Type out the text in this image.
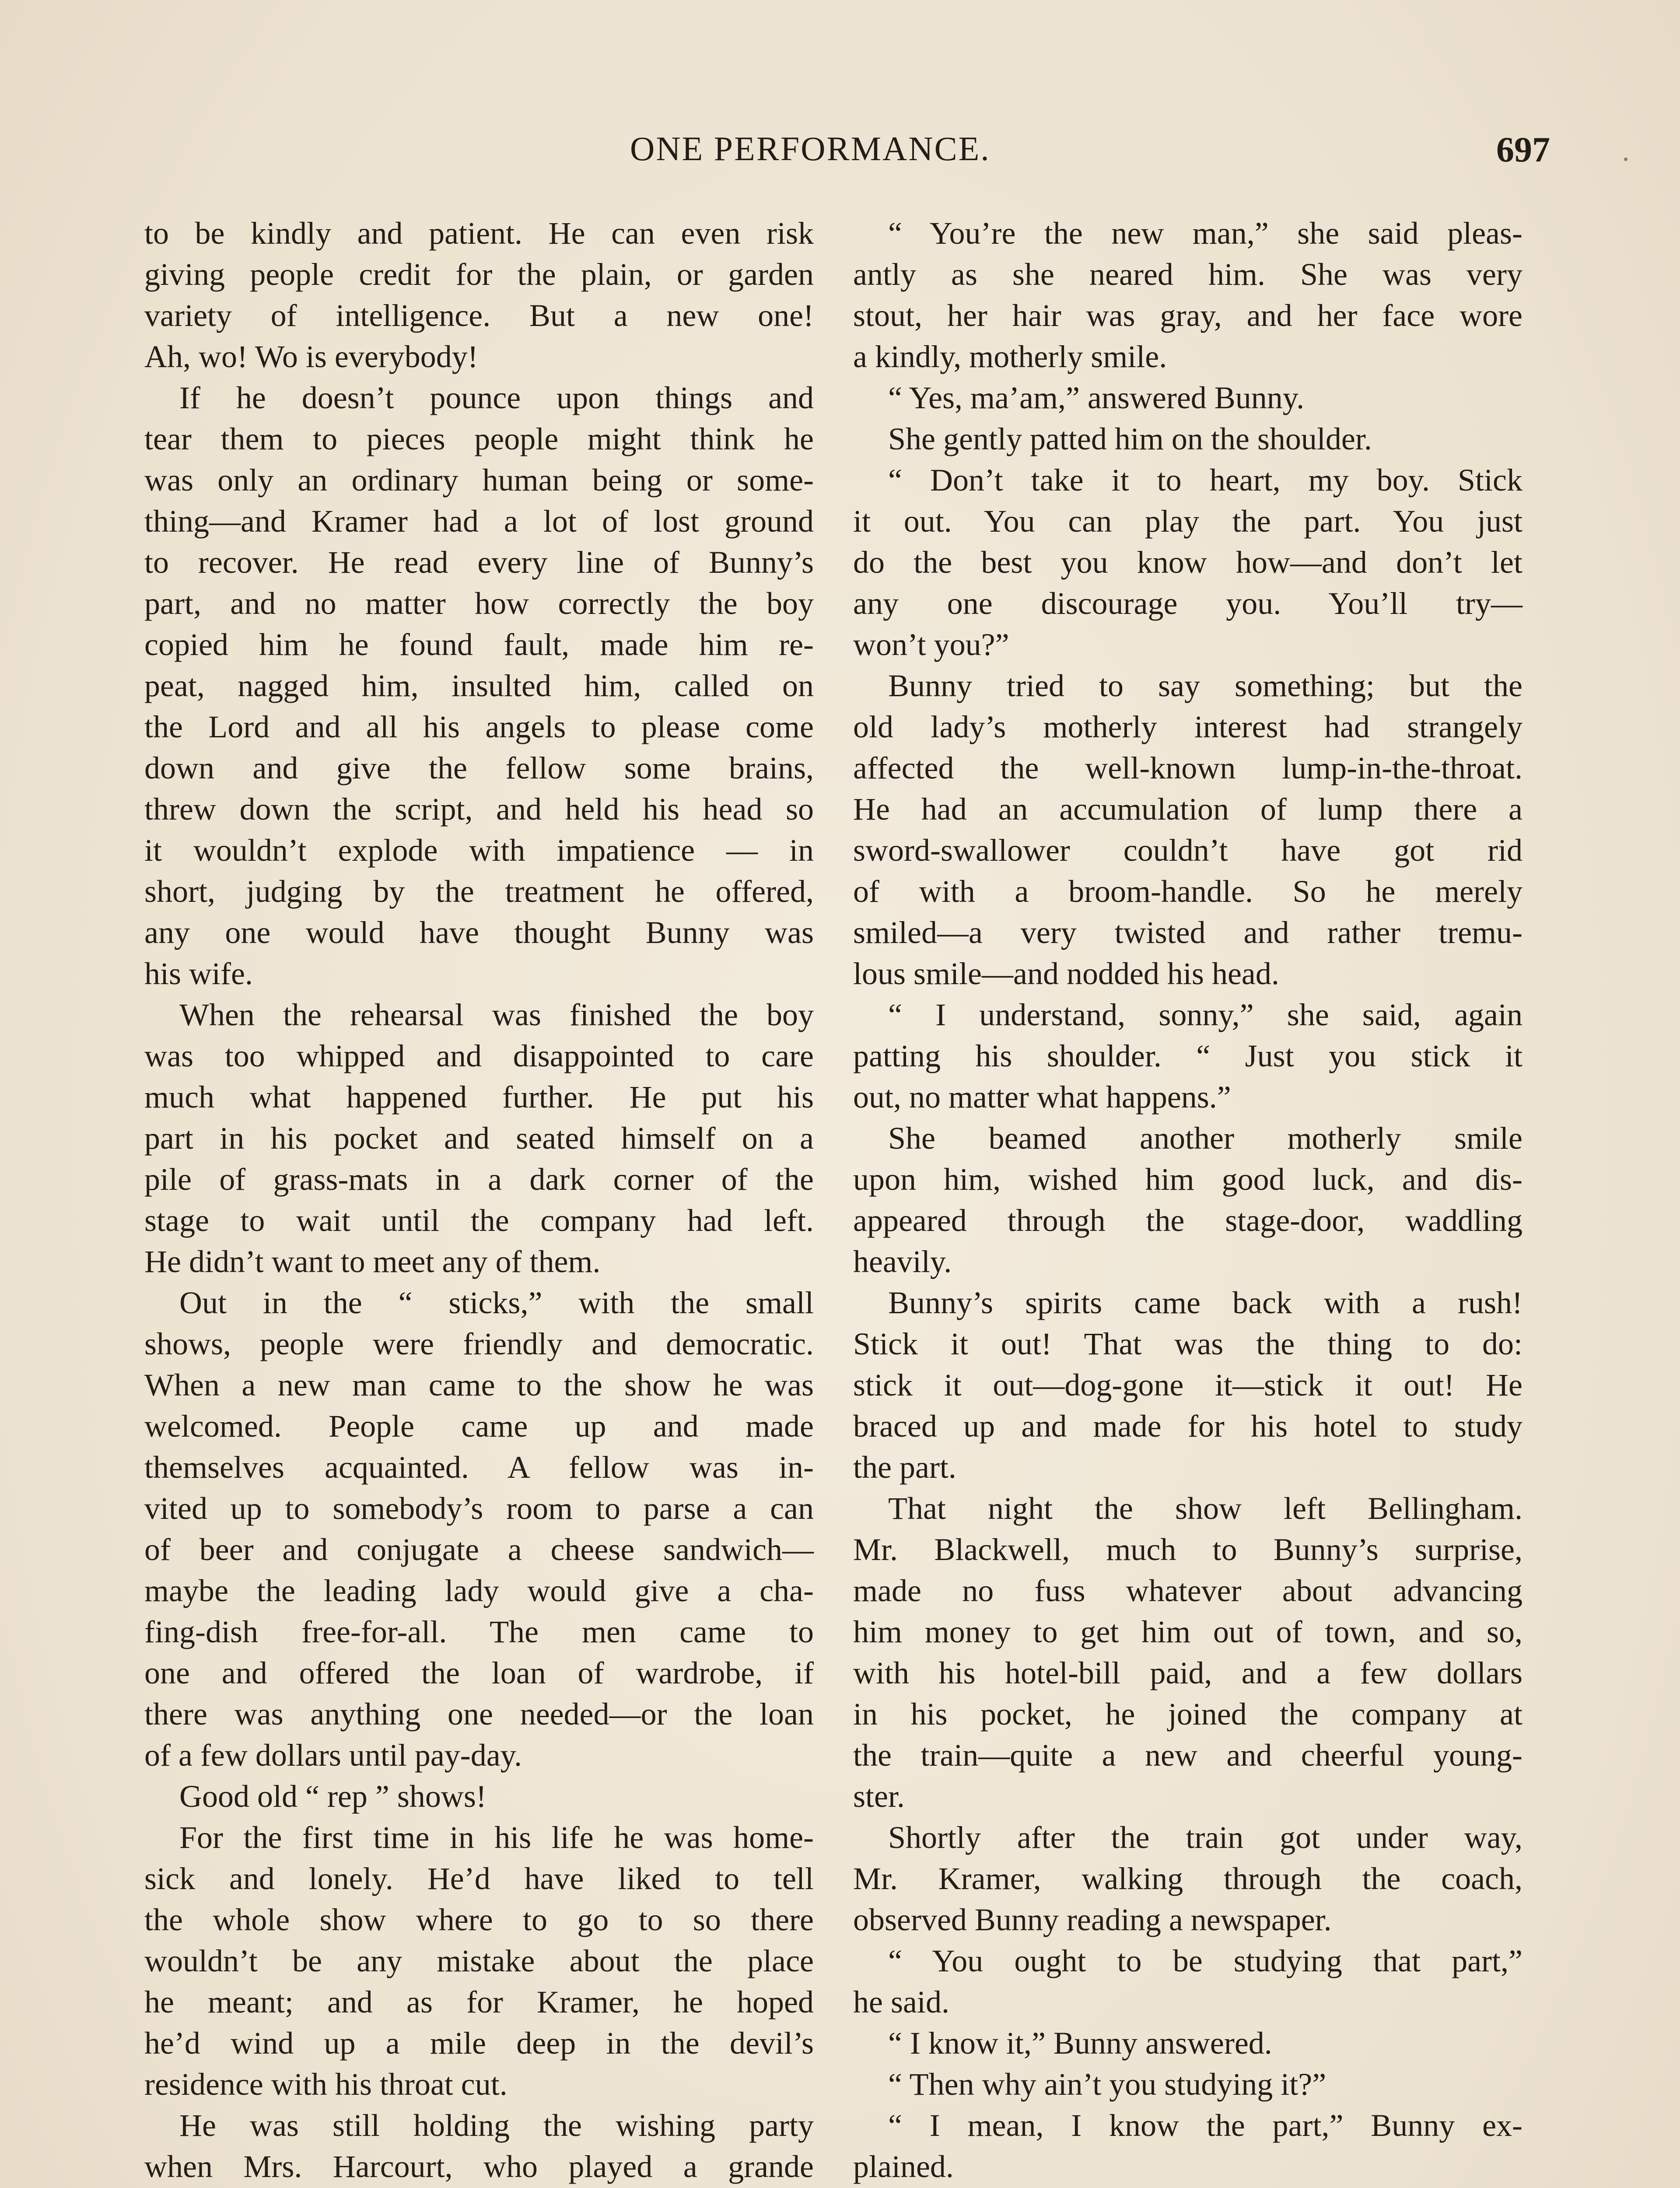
ONE PERFORMANCE.	697
to be kindly and patient. He can even risk
giving people credit for the plain, or garden
variety of intelligence. But a new one!
Ah, wo! Wo is everybody!
If he doesn’t pounce upon things and
tear them to pieces people might think he
was only an ordinary human being or some-
thing—and Kramer had a lot of lost ground
to recover. He read every line of Bunny’s
part, and no matter how correctly the boy
copied him he found fault, made him re-
peat, nagged him, insulted him, called on
the Lord and all his angels to please come
down and give the fellow some brains,
threw down the script, and held his head so
it wouldn’t explode with impatience — in
short, judging by the treatment he offered,
any one would have thought Bunny was
his wife.
When the rehearsal was finished the boy
was too whipped and disappointed to care
much what happened further. He put his
part in his pocket and seated himself on a
pile of grass-mats in a dark corner of the
stage to wait until the company had left.
He didn’t want to meet any of them.
Out in the “ sticks,” with the small
shows, people were friendly and democratic.
When a new man came to the show he was
welcomed. People came up and made
themselves acquainted. A fellow was in-
vited up to somebody’s room to parse a can
of beer and conjugate a cheese sandwich—
maybe the leading lady would give a cha-
fing-dish free-for-all. The men came to
one and offered the loan of wardrobe, if
there was anything one needed—or the loan
of a few dollars until pay-day.
Good old “ rep ” shows!
For the first time in his life he was home-
sick and lonely. He’d have liked to tell
the whole show where to go to so there
wouldn’t be any mistake about the place
he meant; and as for Kramer, he hoped
he’d wind up a mile deep in the devil’s
residence with his throat cut.
He was still holding the wishing party
when Mrs. Harcourt, who played a grande
“ You’re the new man,” she said pleas-
antly as she neared him. She was very
stout, her hair was gray, and her face wore
a kindly, motherly smile.
“ Yes, ma’am,” answered Bunny.
She gently patted him on the shoulder.
“ Don’t take it to heart, my boy. Stick
it out. You can play the part. You just
do the best you know how—and don’t let
any one discourage you. You’ll try—
won’t you?”
Bunny tried to say something; but the
old lady’s motherly interest had strangely
affected the well-known lump-in-the-throat.
He had an accumulation of lump there a
sword-swallower couldn’t have got rid
of with a broom-handle. So he merely
smiled—a very twisted and rather tremu-
lous smile—and nodded his head.
“ I understand, sonny,” she said, again
patting his shoulder. “ Just you stick it
out, no matter what happens.”
She beamed another motherly smile
upon him, wished him good luck, and dis-
appeared through the stage-door, waddling
heavily.
Bunny’s spirits came back with a rush!
Stick it out! That was the thing to do:
stick it out—dog-gone it—stick it out! He
braced up and made for his hotel to study
the part.
That night the show left Bellingham.
Mr. Blackwell, much to Bunny’s surprise,
made no fuss whatever about advancing
him money to get him out of town, and so,
with his hotel-bill paid, and a few dollars
in his pocket, he joined the company at
the train—quite a new and cheerful young-
ster.
Shortly after the train got under way,
Mr. Kramer, walking through the coach,
observed Bunny reading a newspaper.
“ You ought to be studying that part,”
he said.
“ I know it,” Bunny answered.
“ Then why ain’t you studying it?”
“ I mean, I know the part,” Bunny ex-
plained.
